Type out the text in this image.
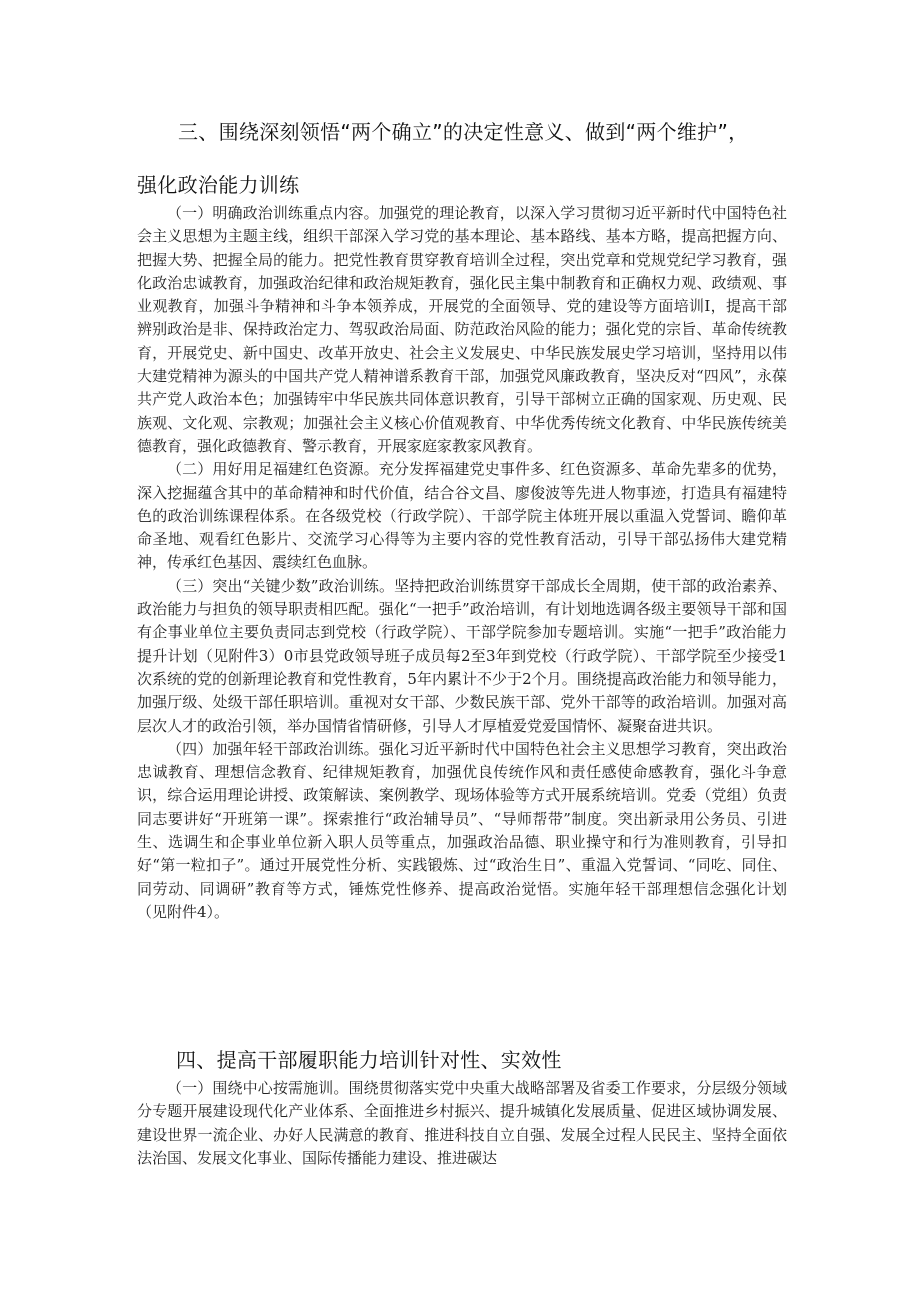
三、围绕深刻领悟“两个确立”的决定性意义、做到“两个维护”，
强化政治能力训练

（一）明确政治训练重点内容。加强党的理论教育，以深入学习贯彻习近平新时代中国特色社会主义思想为主题主线，组织干部深入学习党的基本理论、基本路线、基本方略，提高把握方向、把握大势、把握全局的能力。把党性教育贯穿教育培训全过程，突出党章和党规党纪学习教育，强化政治忠诚教育，加强政治纪律和政治规矩教育，强化民主集中制教育和正确权力观、政绩观、事业观教育，加强斗争精神和斗争本领养成，开展党的全面领导、党的建设等方面培训I，提高干部辨别政治是非、保持政治定力、驾驭政治局面、防范政治风险的能力；强化党的宗旨、革命传统教育，开展党史、新中国史、改革开放史、社会主义发展史、中华民族发展史学习培训，坚持用以伟大建党精神为源头的中国共产党人精神谱系教育干部，加强党风廉政教育，坚决反对“四风”，永葆共产党人政治本色；加强铸牢中华民族共同体意识教育，引导干部树立正确的国家观、历史观、民族观、文化观、宗教观；加强社会主义核心价值观教育、中华优秀传统文化教育、中华民族传统美德教育，强化政德教育、警示教育，开展家庭家教家风教育。

（二）用好用足福建红色资源。充分发挥福建党史事件多、红色资源多、革命先辈多的优势，深入挖掘蕴含其中的革命精神和时代价值，结合谷文昌、廖俊波等先进人物事迹，打造具有福建特色的政治训练课程体系。在各级党校（行政学院）、干部学院主体班开展以重温入党誓词、瞻仰革命圣地、观看红色影片、交流学习心得等为主要内容的党性教育活动，引导干部弘扬伟大建党精神，传承红色基因、震续红色血脉。

（三）突出“关键少数”政治训练。坚持把政治训练贯穿干部成长全周期，使干部的政治素养、政治能力与担负的领导职责相匹配。强化“一把手”政治培训，有计划地选调各级主要领导干部和国有企事业单位主要负责同志到党校（行政学院）、干部学院参加专题培训。实施“一把手”政治能力提升计划（见附件3）0市县党政领导班子成员每2至3年到党校（行政学院）、干部学院至少接受1次系统的党的创新理论教育和党性教育，5年内累计不少于2个月。围绕提高政治能力和领导能力，加强厅级、处级干部任职培训。重视对女干部、少数民族干部、党外干部等的政治培训。加强对高层次人才的政治引领，举办国情省情研修，引导人才厚植爱党爱国情怀、凝聚奋进共识。

（四）加强年轻干部政治训练。强化习近平新时代中国特色社会主义思想学习教育，突出政治忠诚教育、理想信念教育、纪律规矩教育，加强优良传统作风和责任感使命感教育，强化斗争意识，综合运用理论讲授、政策解读、案例教学、现场体验等方式开展系统培训。党委（党组）负责同志要讲好“开班第一课”。探索推行“政治辅导员”、“导师帮带”制度。突出新录用公务员、引进生、选调生和企事业单位新入职人员等重点，加强政治品德、职业操守和行为准则教育，引导扣好“第一粒扣子”。通过开展党性分析、实践锻炼、过“政治生日”、重温入党誓词、“同吃、同住、同劳动、同调研”教育等方式，锤炼党性修养、提高政治觉悟。实施年轻干部理想信念强化计划（见附件4）。

四、提高干部履职能力培训针对性、实效性

（一）围绕中心按需施训。围绕贯彻落实党中央重大战略部署及省委工作要求，分层级分领域分专题开展建设现代化产业体系、全面推进乡村振兴、提升城镇化发展质量、促进区域协调发展、建设世界一流企业、办好人民满意的教育、推进科技自立自强、发展全过程人民民主、坚持全面依法治国、发展文化事业、国际传播能力建设、推进碳达
